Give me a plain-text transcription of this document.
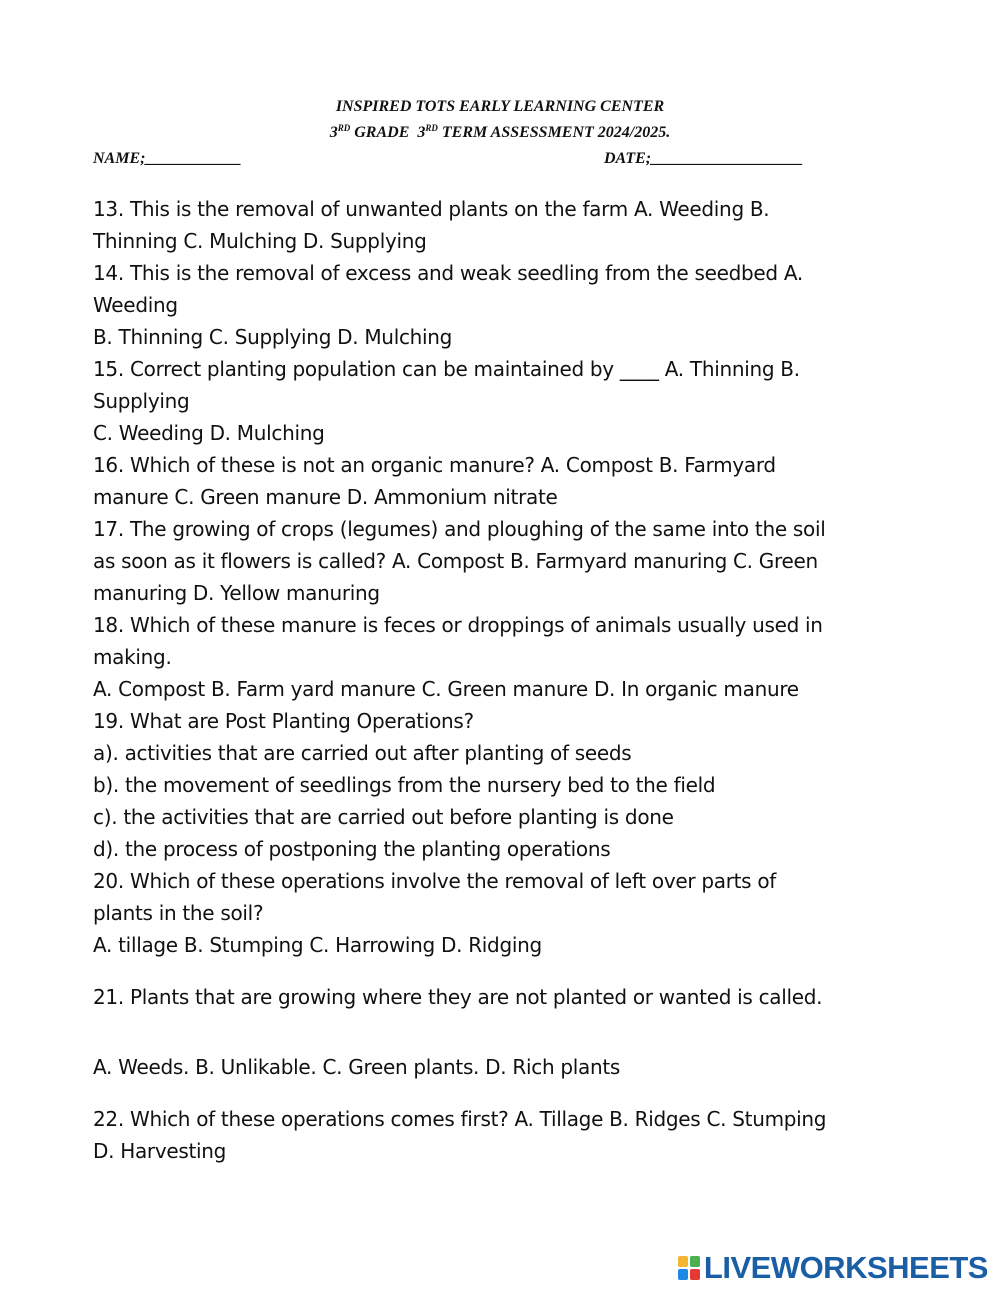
INSPIRED TOTS EARLY LEARNING CENTER
3RD GRADE 3RD TERM ASSESSMENT 2024/2025.
NAME;____________	DATE;___________________

13. This is the removal of unwanted plants on the farm A. Weeding B.

Thinning C. Mulching D. Supplying

14. This is the removal of excess and weak seedling from the seedbed A.

Weeding

B. Thinning C. Supplying D. Mulching

15. Correct planting population can be maintained by ____ A. Thinning B.

Supplying

C. Weeding D. Mulching

16. Which of these is not an organic manure? A. Compost B. Farmyard

manure C. Green manure D. Ammonium nitrate

17. The growing of crops (legumes) and ploughing of the same into the soil

as soon as it flowers is called? A. Compost B. Farmyard manuring C. Green

manuring D. Yellow manuring

18. Which of these manure is feces or droppings of animals usually used in

making.

A. Compost B. Farm yard manure C. Green manure D. In organic manure

19. What are Post Planting Operations?

a). activities that are carried out after planting of seeds

b). the movement of seedlings from the nursery bed to the field

c). the activities that are carried out before planting is done

d). the process of postponing the planting operations

20. Which of these operations involve the removal of left over parts of

plants in the soil?

A. tillage B. Stumping C. Harrowing D. Ridging

21. Plants that are growing where they are not planted or wanted is called.

A. Weeds. B. Unlikable. C. Green plants. D. Rich plants

22. Which of these operations comes first? A. Tillage B. Ridges C. Stumping

D. Harvesting

LIVEWORKSHEETS
